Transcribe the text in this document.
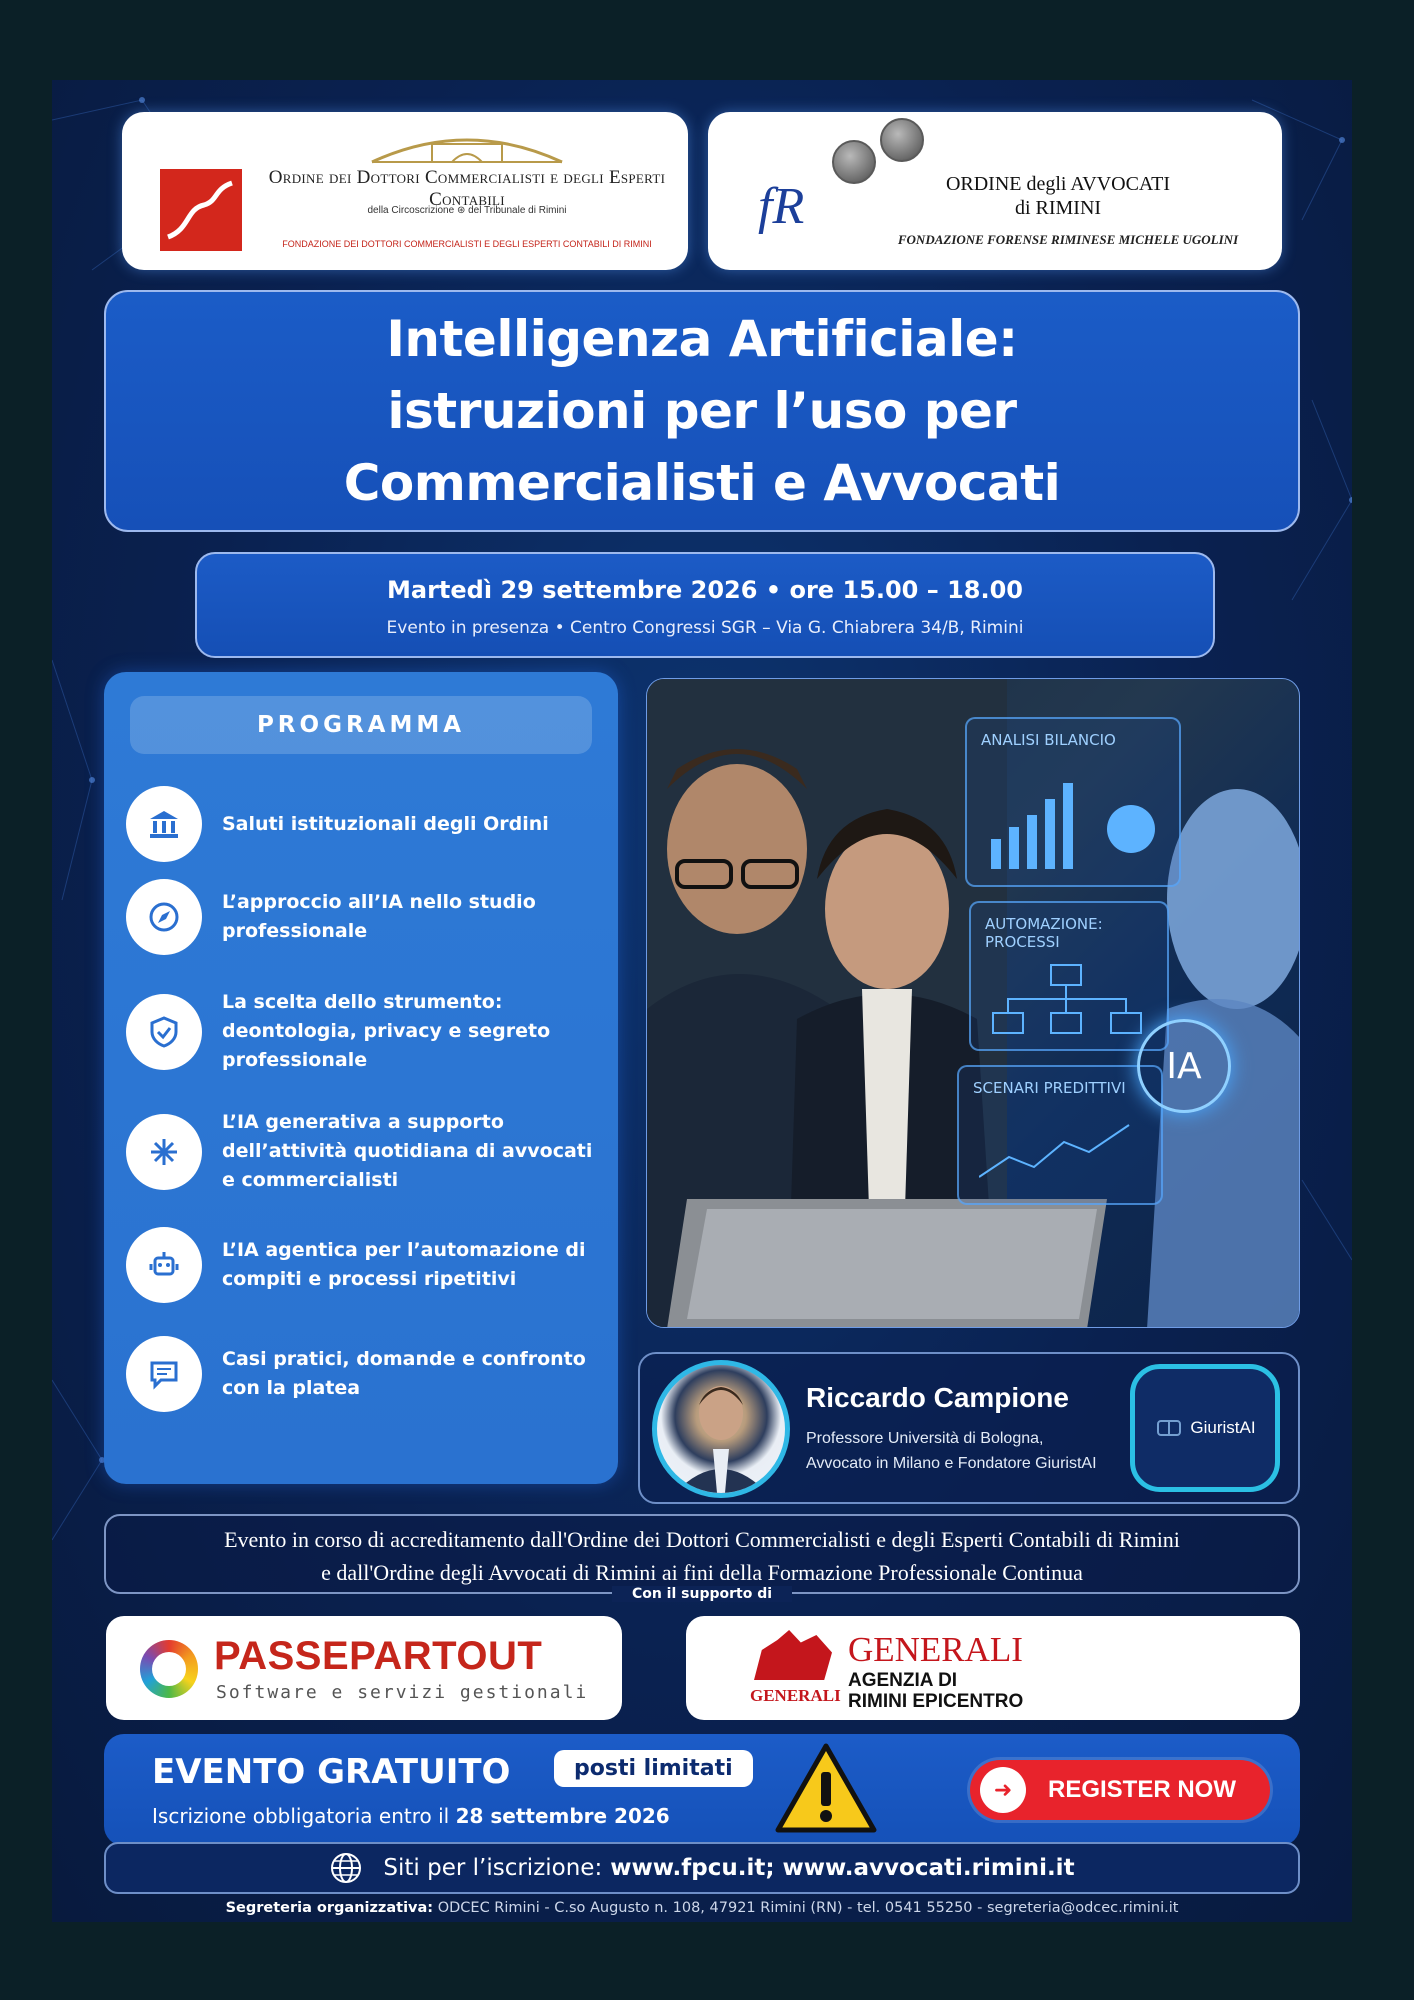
Ordine dei Dottori Commercialisti e degli Esperti Contabili
della Circoscrizione ⊛ del Tribunale di Rimini
FONDAZIONE DEI DOTTORI COMMERCIALISTI E DEGLI ESPERTI CONTABILI DI RIMINI
fR	ORDINE degli AVVOCATI
di RIMINI
FONDAZIONE FORENSE RIMINESE MICHELE UGOLINI
Intelligenza Artificiale:
istruzioni per l’uso per
Commercialisti e Avvocati
Martedì 29 settembre 2026 • ore 15.00 – 18.00
Evento in presenza • Centro Congressi SGR – Via G. Chiabrera 34/B, Rimini
PROGRAMMA
Saluti istituzionali degli Ordini
L’approccio all’IA nello studio professionale
La scelta dello strumento: deontologia, privacy e segreto professionale
L’IA generativa a supporto dell’attività quotidiana di avvocati e commercialisti
L’IA agentica per l’automazione di compiti e processi ripetitivi
Casi pratici, domande e confronto con la platea
ANALISI BILANCIO
AUTOMAZIONE:
PROCESSI
SCENARI PREDITTIVI
IA
Riccardo Campione
Professore Università di Bologna,
Avvocato in Milano e Fondatore GiuristAI
GiuristAI
Evento in corso di accreditamento dall'Ordine dei Dottori Commercialisti e degli Esperti Contabili di Rimini
e dall'Ordine degli Avvocati di Rimini ai fini della Formazione Professionale Continua
Con il supporto di
PASSEPARTOUT
Software e servizi gestionali	GENERALI
GENERALI
AGENZIA DI
RIMINI EPICENTRO
EVENTO GRATUITO	posti limitati
Iscrizione obbligatoria entro il 28 settembre 2026
➜	REGISTER NOW
Siti per l’iscrizione: www.fpcu.it; www.avvocati.rimini.it
Segreteria organizzativa: ODCEC Rimini - C.so Augusto n. 108, 47921 Rimini (RN) - tel. 0541 55250 - segreteria@odcec.rimini.it
